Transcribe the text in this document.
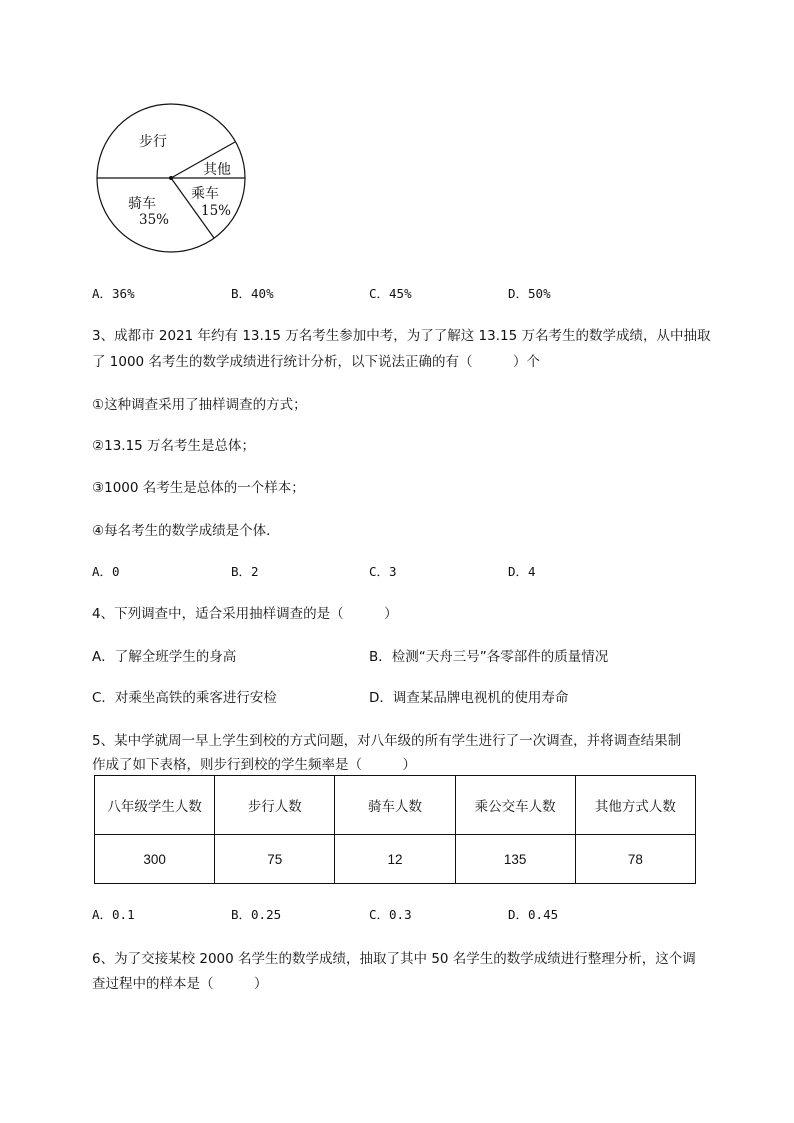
步行
其他
乘车
15%
骑车
35%
A．36%	B．40%	C．45%	D．50%
3、成都市 2021 年约有 13.15 万名考生参加中考，为了了解这 13.15 万名考生的数学成绩，从中抽取
了 1000 名考生的数学成绩进行统计分析，以下说法正确的有（　　　）个
①这种调查采用了抽样调查的方式；
②13.15 万名考生是总体；
③1000 名考生是总体的一个样本；
④每名考生的数学成绩是个体．
A．0	B．2	C．3	D．4
4、下列调查中，适合采用抽样调查的是（　　　）
A．了解全班学生的身高	B．检测“天舟三号”各零部件的质量情况
C．对乘坐高铁的乘客进行安检	D．调查某品牌电视机的使用寿命
5、某中学就周一早上学生到校的方式问题，对八年级的所有学生进行了一次调查，并将调查结果制
作成了如下表格，则步行到校的学生频率是（　　　）
八年级学生人数	步行人数	骑车人数	乘公交车人数	其他方式人数
300	75	12	135	78
A．0.1	B．0.25	C．0.3	D．0.45
6、为了交接某校 2000 名学生的数学成绩，抽取了其中 50 名学生的数学成绩进行整理分析，这个调
查过程中的样本是（　　　）
